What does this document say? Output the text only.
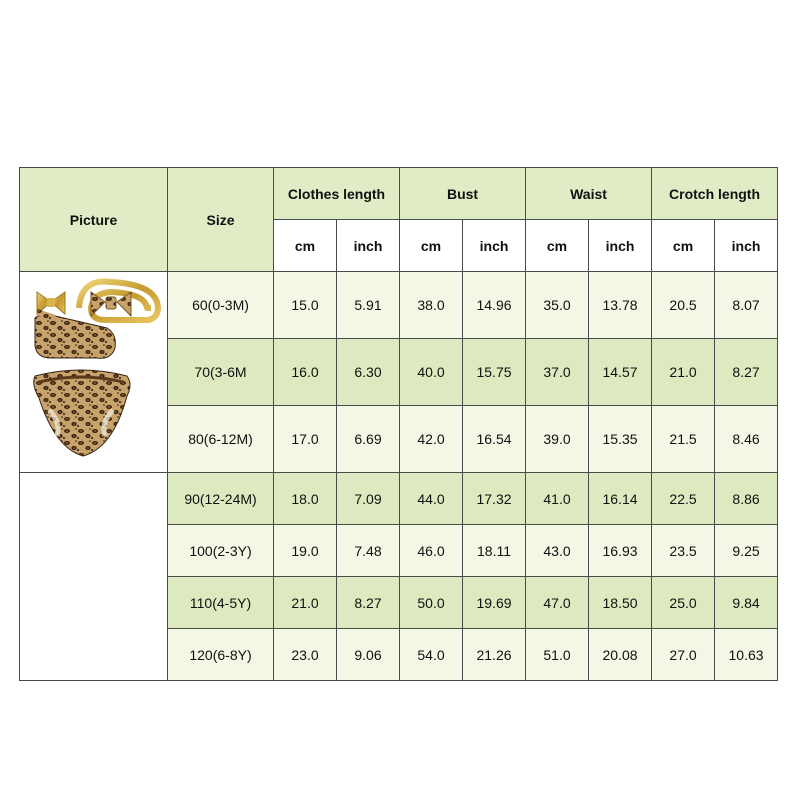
Picture	Size	Clothes length		Bust		Waist		Crotch length	
		cm	inch	cm	inch	cm	inch	cm	inch

	60(0-3M)	15.0	5.91	38.0	14.96	35.0	13.78	20.5	8.07
	70(3-6M	16.0	6.30	40.0	15.75	37.0	14.57	21.0	8.27
	80(6-12M)	17.0	6.69	42.0	16.54	39.0	15.35	21.5	8.46
	90(12-24M)	18.0	7.09	44.0	17.32	41.0	16.14	22.5	8.86
	100(2-3Y)	19.0	7.48	46.0	18.11	43.0	16.93	23.5	9.25
	110(4-5Y)	21.0	8.27	50.0	19.69	47.0	18.50	25.0	9.84
	120(6-8Y)	23.0	9.06	54.0	21.26	51.0	20.08	27.0	10.63
